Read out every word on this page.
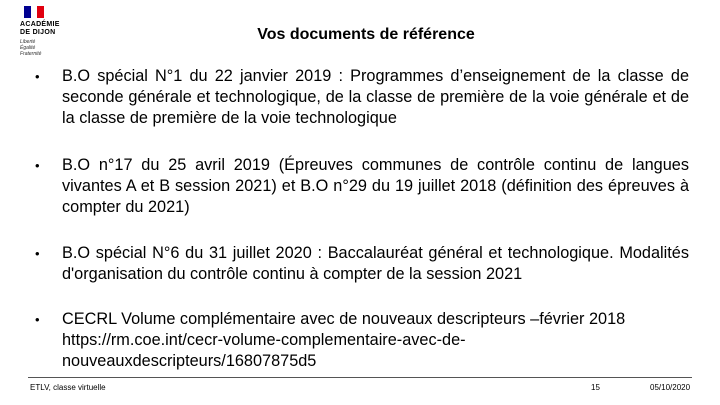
ACADÉMIE
DE DIJON
Liberté
Égalité
Fraternité
Vos documents de référence
•	B.O spécial N°1 du 22 janvier 2019 : Programmes d’enseignement de la classe de seconde générale et technologique, de la classe de première de la voie générale et de la classe de première de la voie technologique
•	B.O n°17 du 25 avril 2019 (Épreuves communes de contrôle continu de langues vivantes A et B session 2021) et B.O n°29 du 19 juillet 2018 (définition des épreuves à compter du 2021)
•	B.O spécial N°6 du 31 juillet 2020 : Baccalauréat général et technologique. Modalités d'organisation du contrôle continu à compter de la session 2021
•	CECRL Volume complémentaire avec de nouveaux descripteurs –février 2018 https://rm.coe.int/cecr-volume-complementaire-avec-de-nouveauxdescripteurs/16807875d5
ETLV, classe virtuelle	15	05/10/2020
